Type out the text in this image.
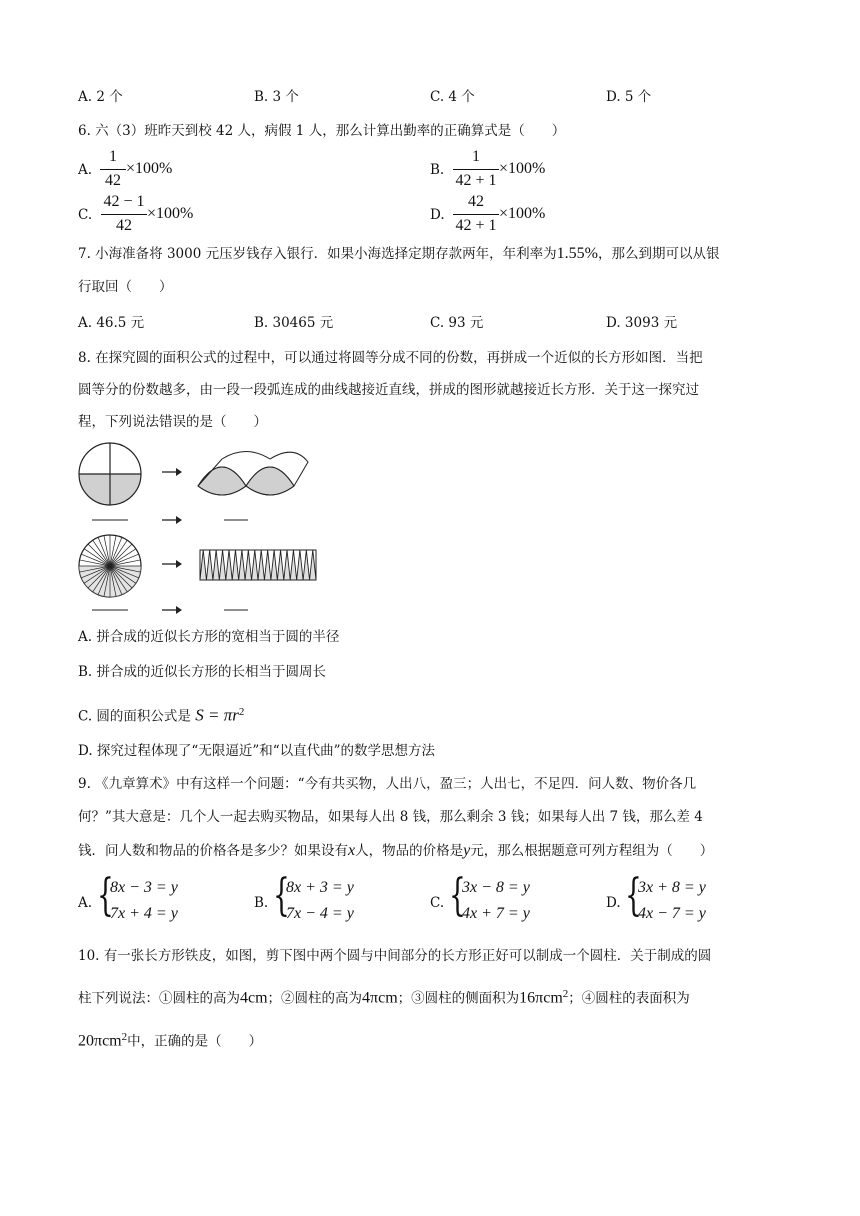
A. 2 个	B. 3 个	C. 4 个	D. 5 个
6. 六（3）班昨天到校 42 人，病假 1 人，那么计算出勤率的正确算式是（　　）
A.
1
42
×100%	B.
1
42 + 1
×100%
C.
42 − 1
42
×100%	D.
42
42 + 1
×100%
7. 小海准备将 3000 元压岁钱存入银行．如果小海选择定期存款两年，年利率为1.55%，那么到期可以从银
行取回（　　）
A. 46.5 元	B. 30465 元	C. 93 元	D. 3093 元
8. 在探究圆的面积公式的过程中，可以通过将圆等分成不同的份数，再拼成一个近似的长方形如图．当把
圆等分的份数越多，由一段一段弧连成的曲线越接近直线，拼成的图形就越接近长方形．关于这一探究过
程，下列说法错误的是（　　）
A. 拼合成的近似长方形的宽相当于圆的半径
B. 拼合成的近似长方形的长相当于圆周长
C. 圆的面积公式是 $S = \pi r^2$
D. 探究过程体现了“无限逼近”和“以直代曲”的数学思想方法
9. 《九章算术》中有这样一个问题：“今有共买物，人出八，盈三；人出七，不足四．问人数、物价各几
何？”其大意是：几个人一起去购买物品，如果每人出 8 钱，那么剩余 3 钱；如果每人出 7 钱，那么差 4
钱．问人数和物品的价格各是多少？如果设有x人，物品的价格是y元，那么根据题意可列方程组为（　　）
A. {
8x − 3 = y
7x + 4 = y
B. {
8x + 3 = y
7x − 4 = y
C. {
3x − 8 = y
4x + 7 = y
D. {
3x + 8 = y
4x − 7 = y
10. 有一张长方形铁皮，如图，剪下图中两个圆与中间部分的长方形正好可以制成一个圆柱．关于制成的圆
柱下列说法：①圆柱的高为4cm；②圆柱的高为4πcm；③圆柱的侧面积为16πcm$^2$；④圆柱的表面积为
20πcm$^2$中，正确的是（　　）
